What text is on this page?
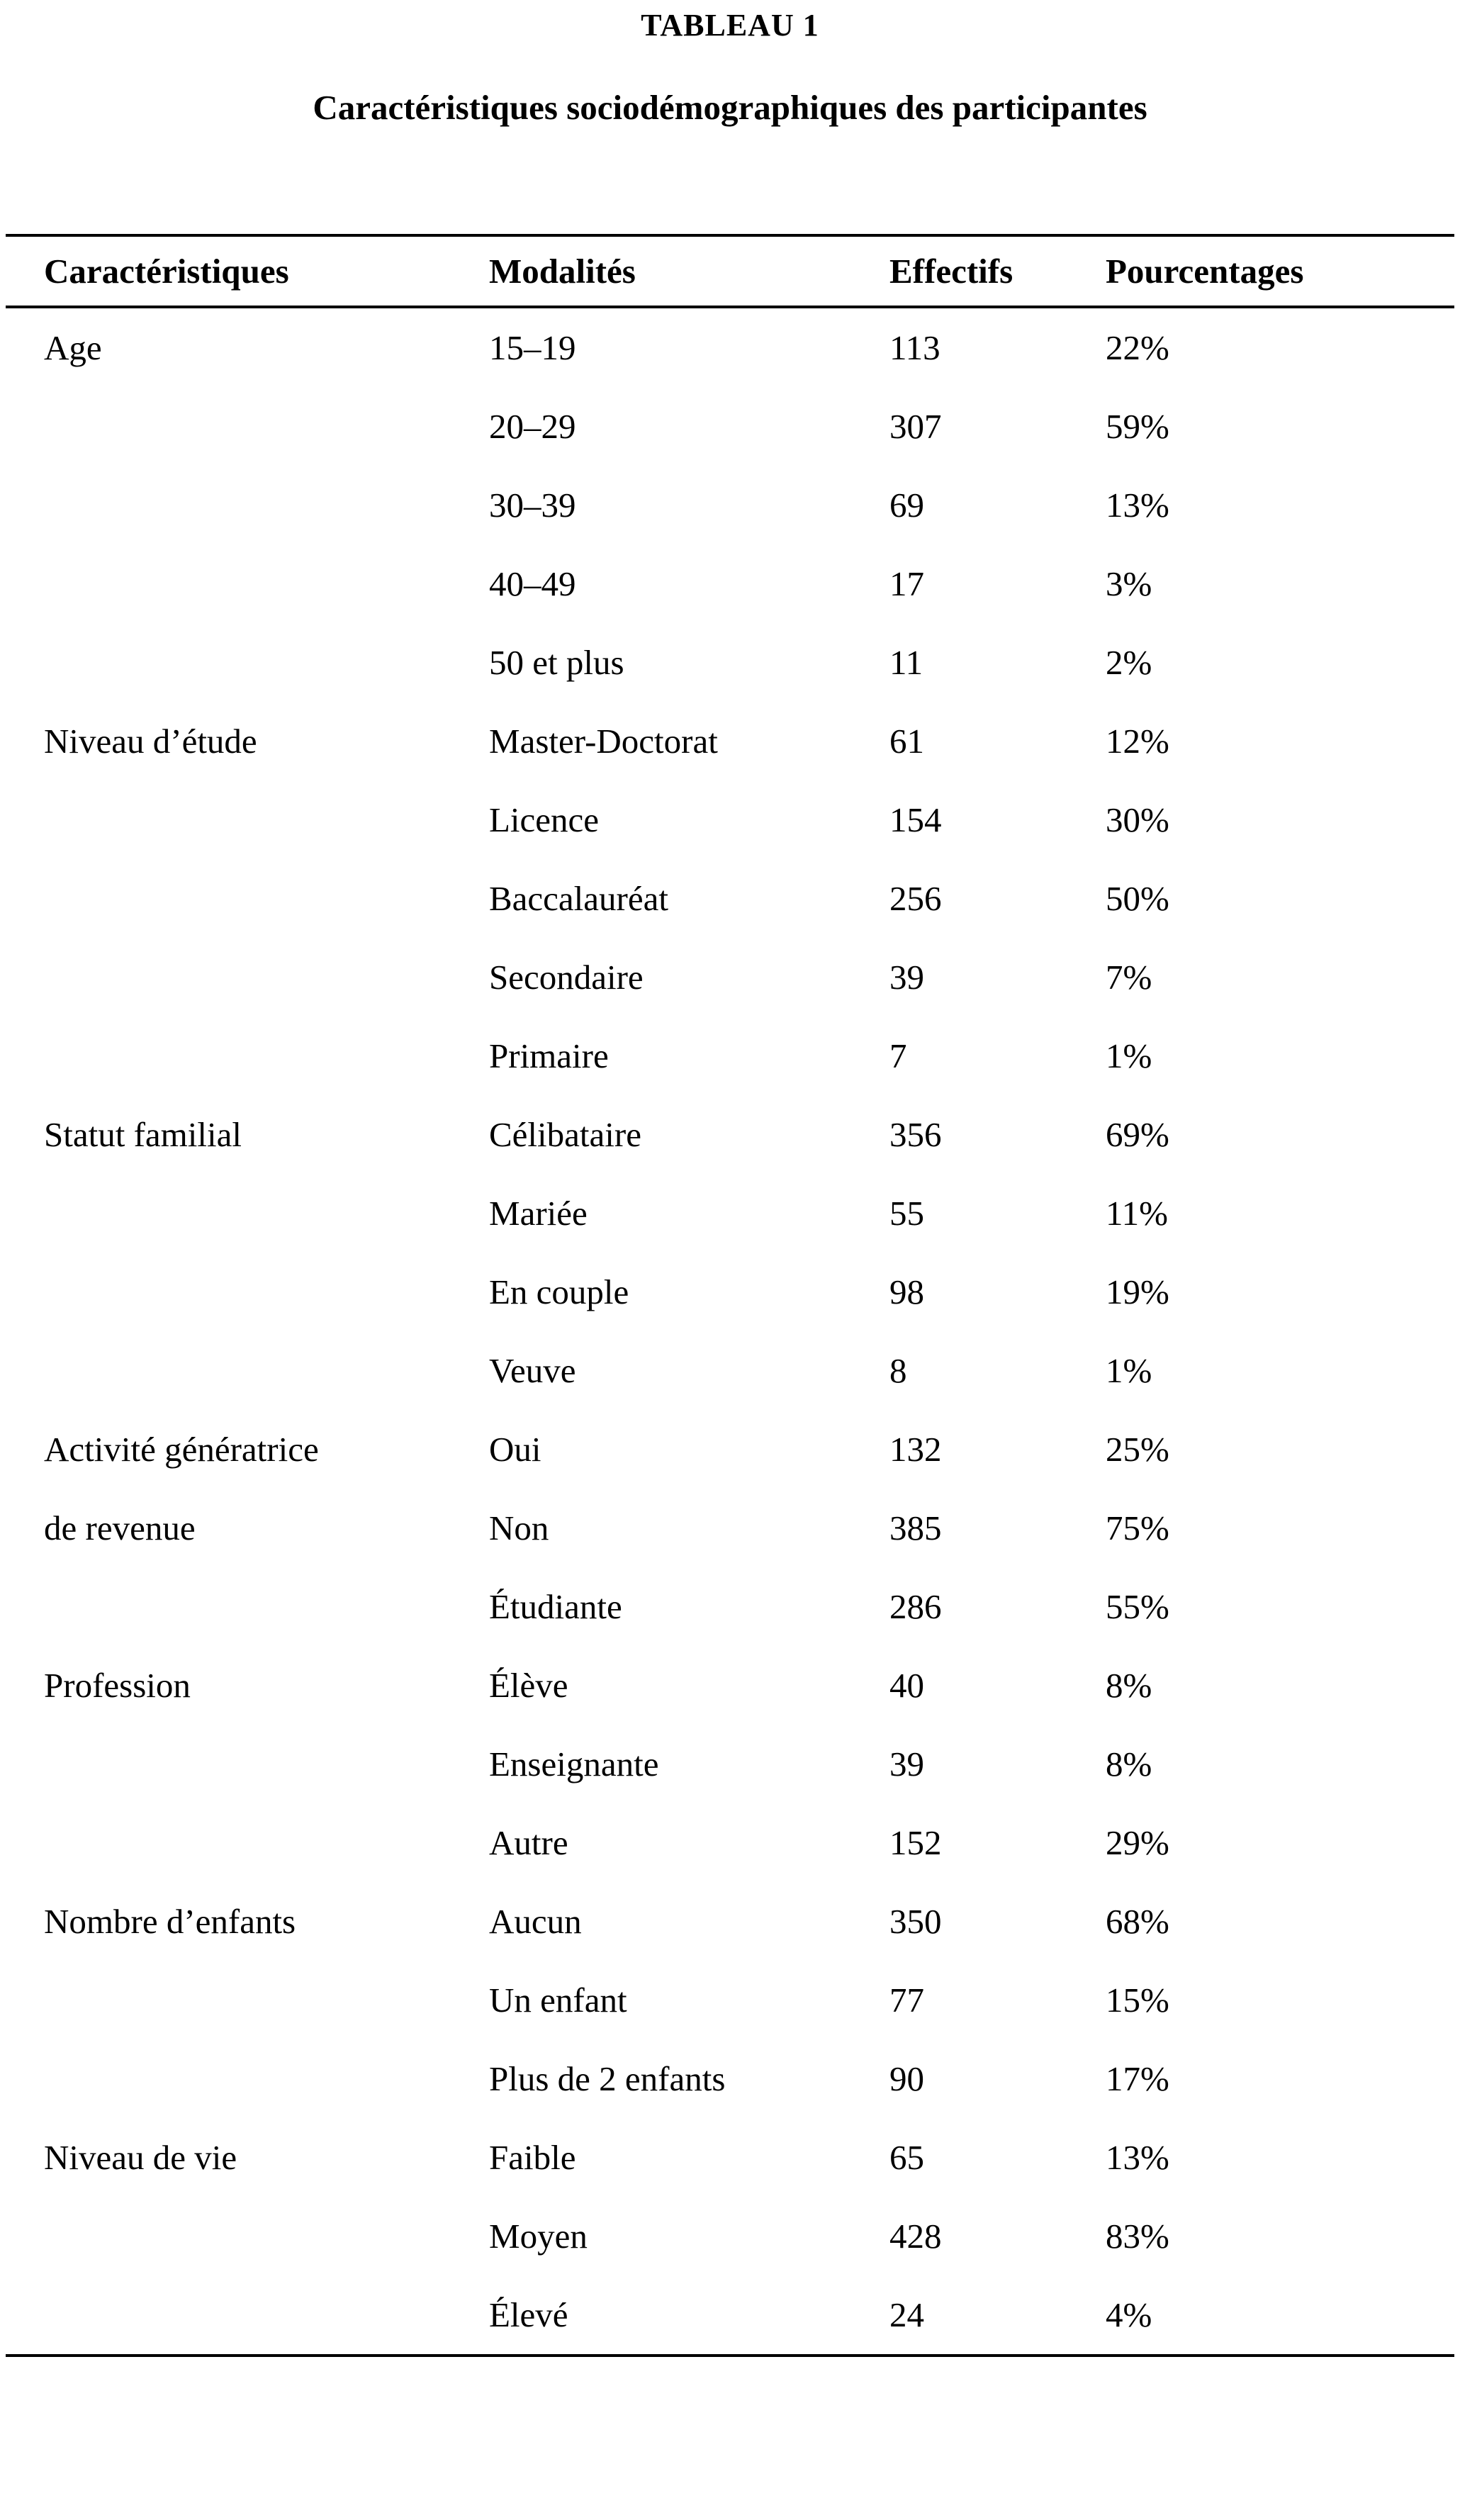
TABLEAU 1
Caractéristiques sociodémographiques des participantes
Caractéristiques	Modalités	Effectifs	Pourcentages
Age	15–19	113	22%
	20–29	307	59%
	30–39	69	13%
	40–49	17	3%
	50 et plus	11	2%
Niveau d’étude	Master-Doctorat	61	12%
	Licence	154	30%
	Baccalauréat	256	50%
	Secondaire	39	7%
	Primaire	7	1%
Statut familial	Célibataire	356	69%
	Mariée	55	11%
	En couple	98	19%
	Veuve	8	1%
Activité génératrice	Oui	132	25%
de revenue	Non	385	75%
	Étudiante	286	55%
Profession	Élève	40	8%
	Enseignante	39	8%
	Autre	152	29%
Nombre d’enfants	Aucun	350	68%
	Un enfant	77	15%
	Plus de 2 enfants	90	17%
Niveau de vie	Faible	65	13%
	Moyen	428	83%
	Élevé	24	4%
